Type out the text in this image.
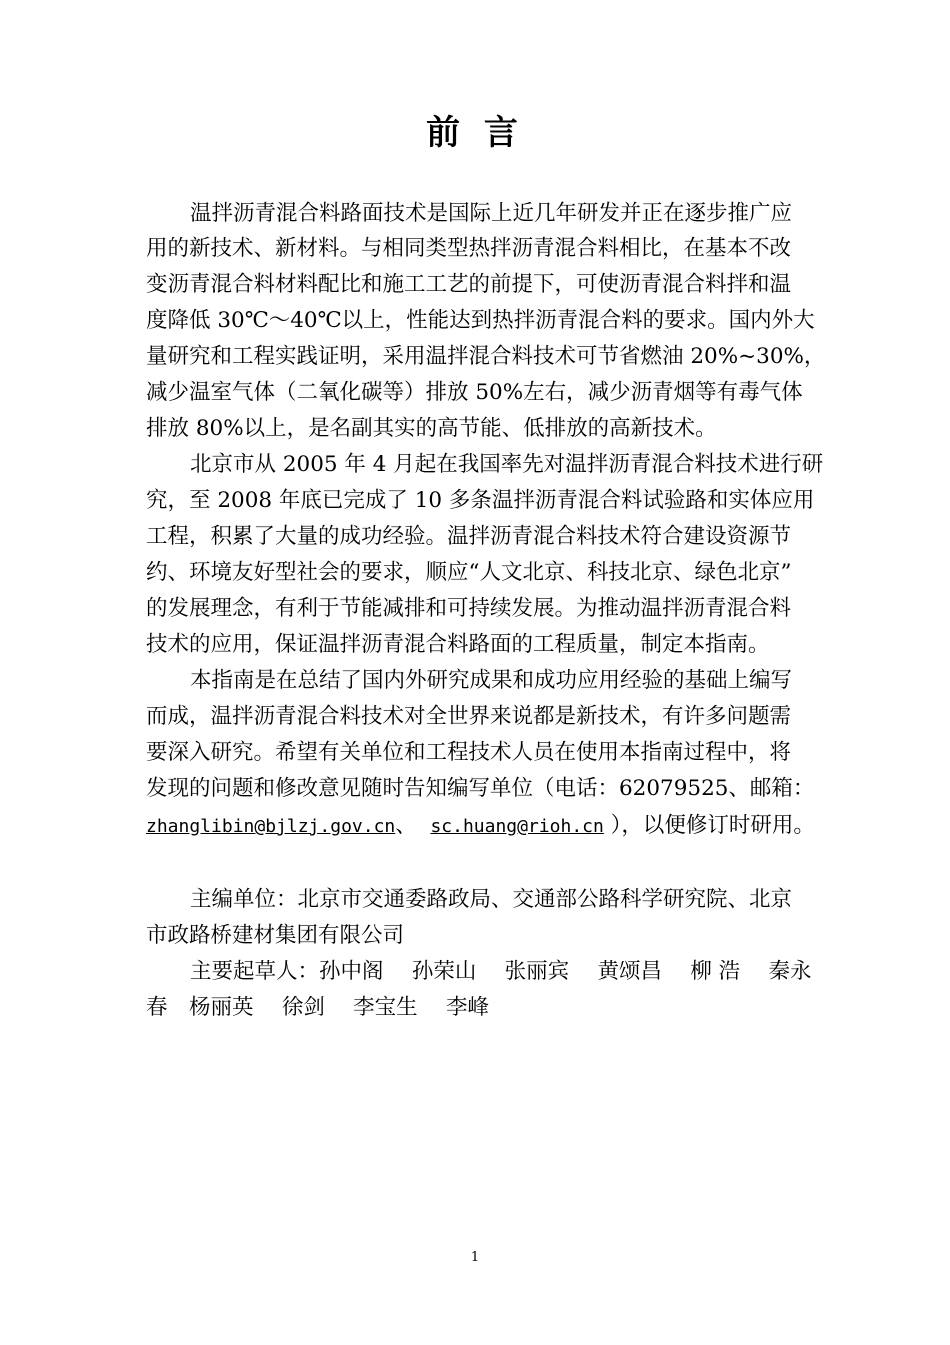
前 言
温拌沥青混合料路面技术是国际上近几年研发并正在逐步推广应
用的新技术、新材料。与相同类型热拌沥青混合料相比，在基本不改
变沥青混合料材料配比和施工工艺的前提下，可使沥青混合料拌和温
度降低 30℃～40℃以上，性能达到热拌沥青混合料的要求。国内外大
量研究和工程实践证明，采用温拌混合料技术可节省燃油 20%~30%，
减少温室气体（二氧化碳等）排放 50%左右，减少沥青烟等有毒气体
排放 80%以上，是名副其实的高节能、低排放的高新技术。
北京市从 2005 年 4 月起在我国率先对温拌沥青混合料技术进行研
究，至 2008 年底已完成了 10 多条温拌沥青混合料试验路和实体应用
工程，积累了大量的成功经验。温拌沥青混合料技术符合建设资源节
约、环境友好型社会的要求，顺应“人文北京、科技北京、绿色北京”
的发展理念，有利于节能减排和可持续发展。为推动温拌沥青混合料
技术的应用，保证温拌沥青混合料路面的工程质量，制定本指南。
本指南是在总结了国内外研究成果和成功应用经验的基础上编写
而成，温拌沥青混合料技术对全世界来说都是新技术，有许多问题需
要深入研究。希望有关单位和工程技术人员在使用本指南过程中，将
发现的问题和修改意见随时告知编写单位（电话：62079525、邮箱：
zhanglibin@bjlzj.gov.cn、 sc.huang@rioh.cn ），以便修订时研用。
主编单位：北京市交通委路政局、交通部公路科学研究院、北京
市政路桥建材集团有限公司
主要起草人：孙中阁　 孙荣山　 张丽宾　 黄颂昌　 柳 浩　 秦永
春　杨丽英　 徐剑　 李宝生　 李峰
1
